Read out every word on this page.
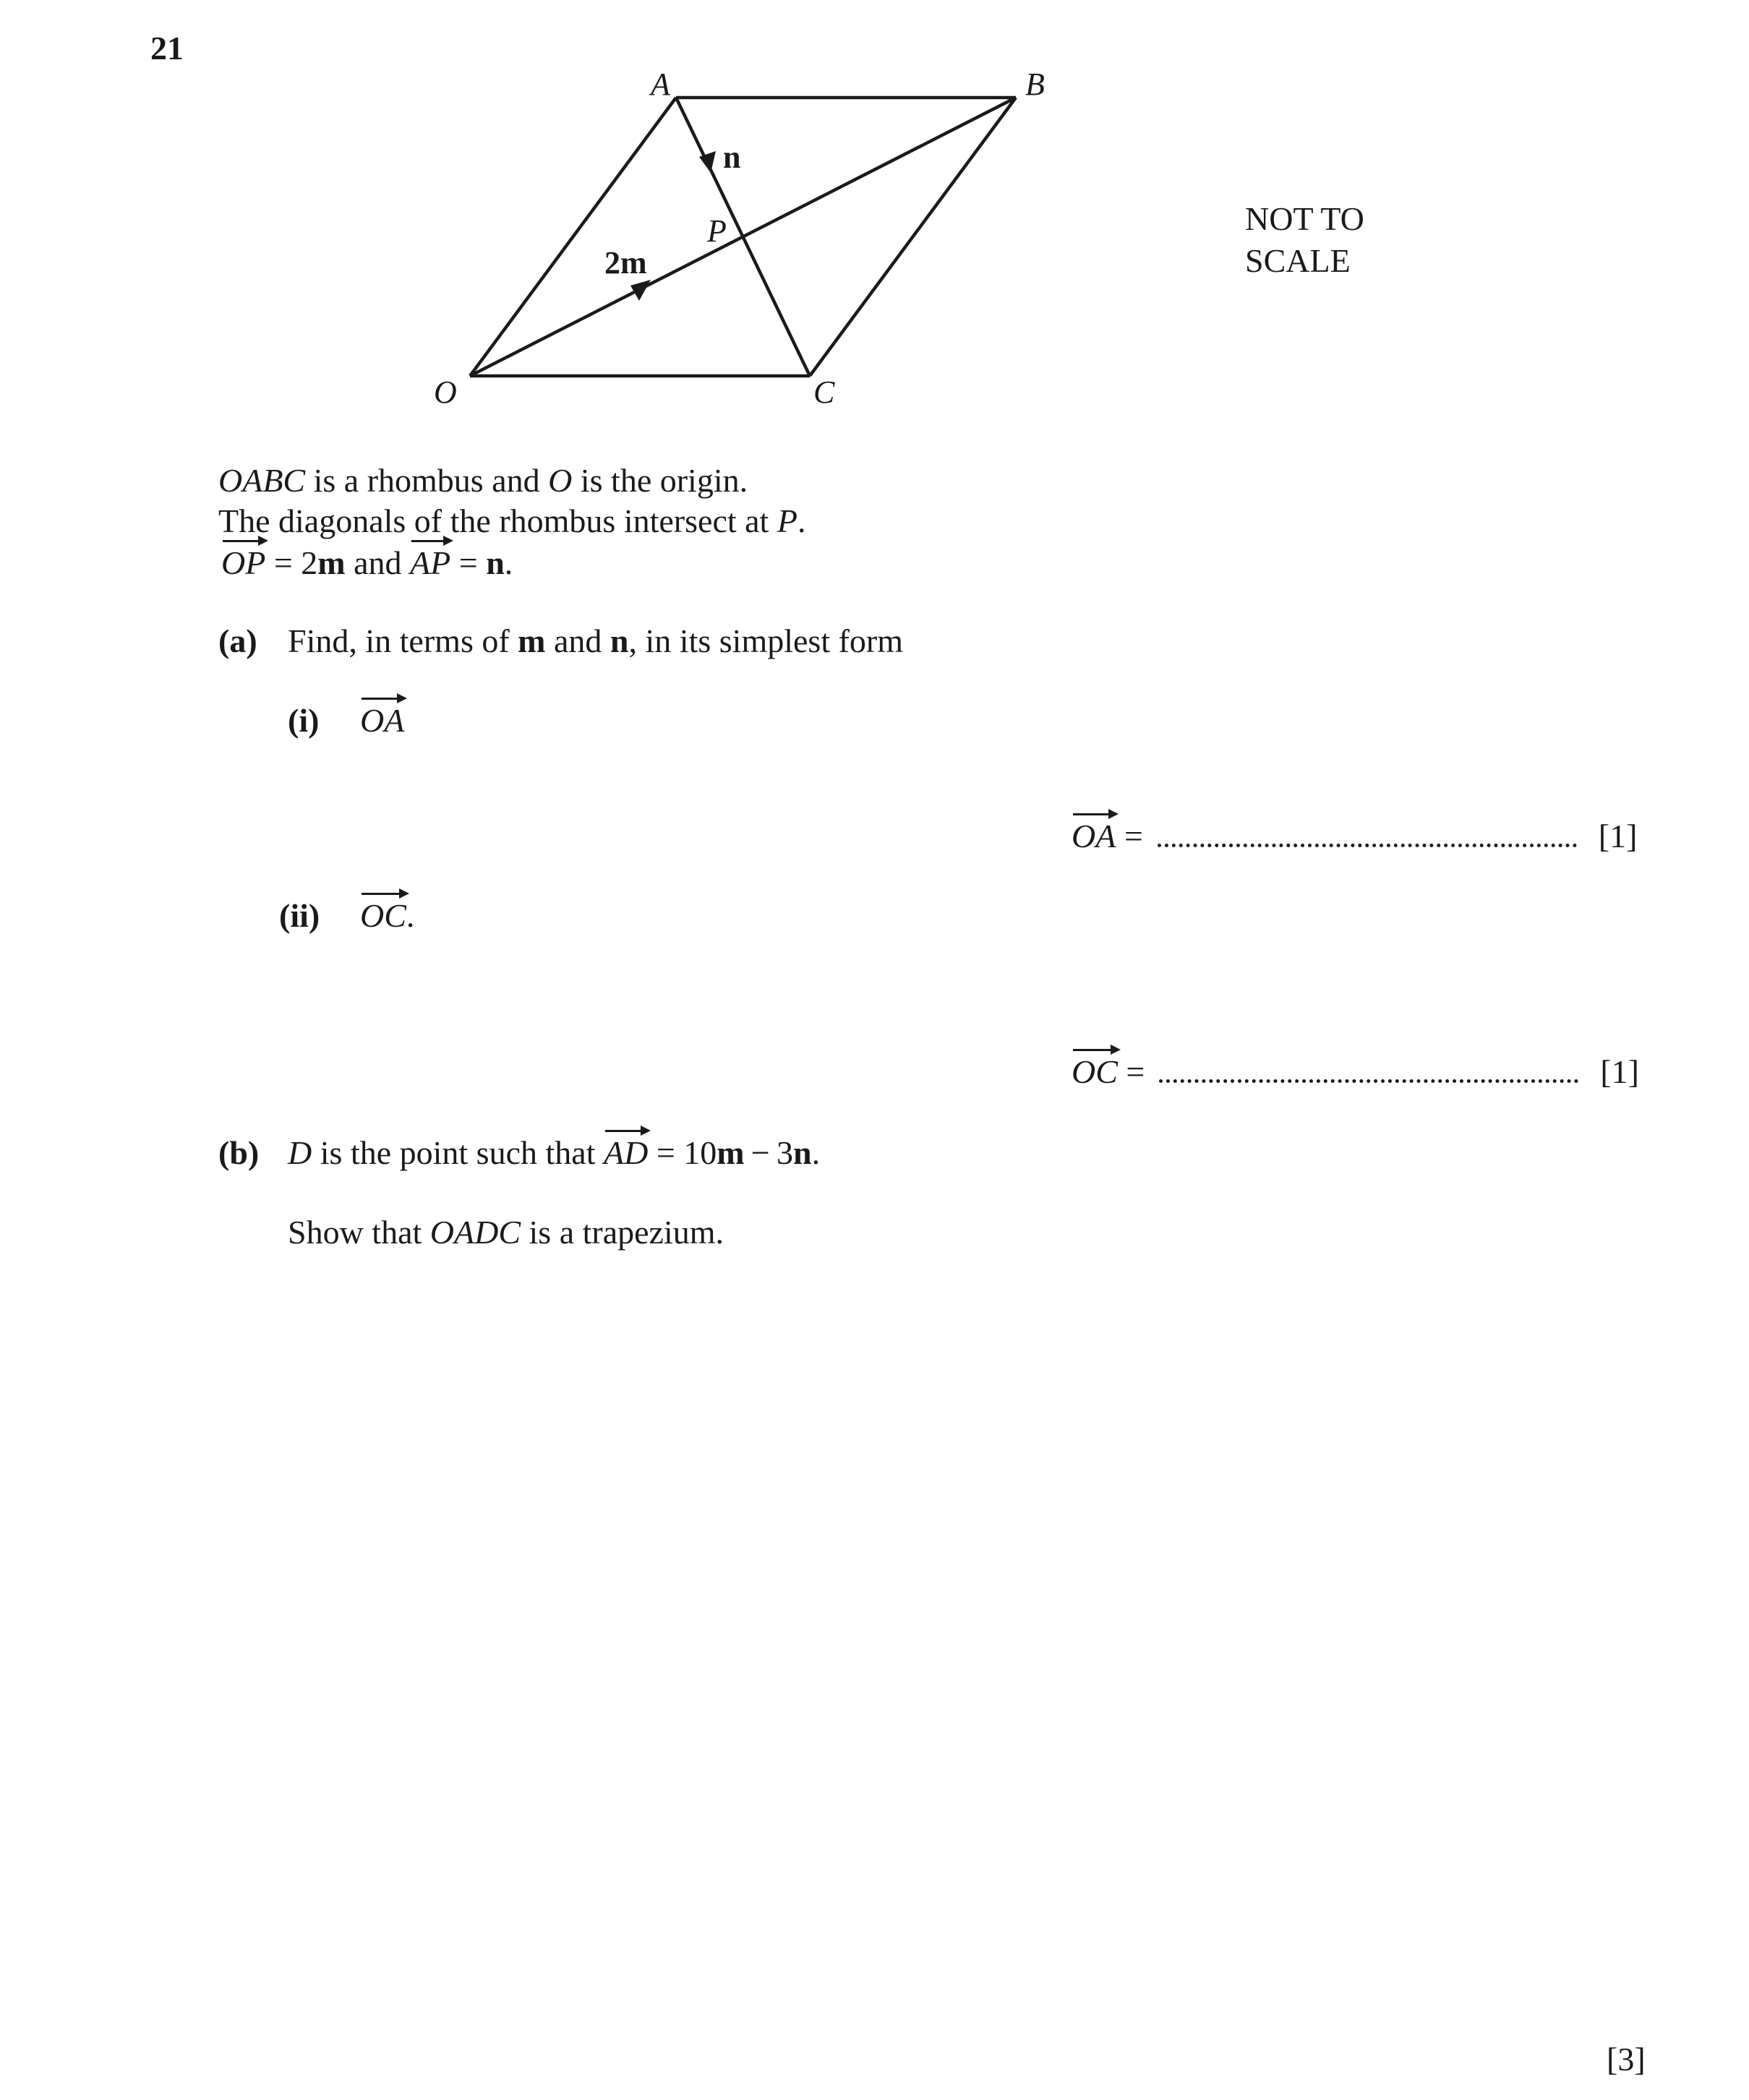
21
A	B
O	C
P
2m
n
NOT TO
SCALE
OABC is a rhombus and O is the origin.
The diagonals of the rhombus intersect at P.
OP = 2m and AP = n.
(a) Find, in terms of m and n, in its simplest form
(i) OA
OA =	[1]
(ii) OC.
OC =	[1]
(b) D is the point such that AD = 10m − 3n.
Show that OADC is a trapezium.
[3]
